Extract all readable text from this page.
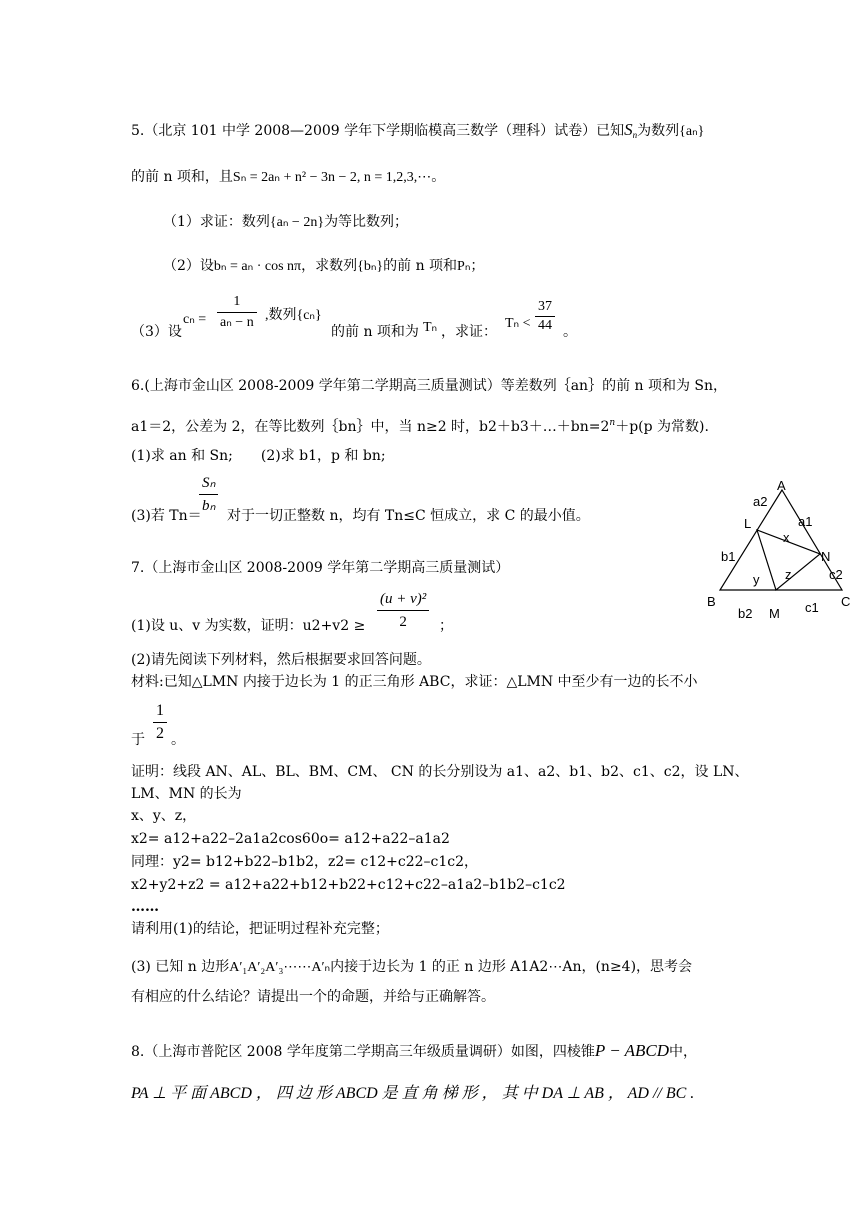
5.（北京 101 中学 2008—2009 学年下学期临模高三数学（理科）试卷）已知$S_n$为数列{aₙ}
的前 n 项和，且Sₙ = 2aₙ + n² − 3n − 2, n = 1,2,3,⋯。
（1）求证：数列{aₙ − 2n}为等比数列；
（2）设bₙ = aₙ · cos nπ，求数列{bₙ}的前 n 项和Pₙ；
（3）设
$c_n = \frac{1}{\text{aₙ − n}}$ ,数列{cₙ}
的前 n 项和为 Tₙ ，求证：
$T_n < \frac{37}{44}$ 。
6.(上海市金山区 2008-2009 学年第二学期高三质量测试）等差数列｛an｝的前 n 项和为 Sn，
a1＝2，公差为 2，在等比数列｛bn｝中，当 n≥2 时，$b2+b3+\dots+bn=2^n+p(p$ 为常数).
(1)求 an 和 Sn;　　(2)求 b1，p 和 bn;
(3)若 Tn＝
$\frac{\text{Sₙ}}{\text{bₙ}}$ 对于一切正整数 n，均有 Tn≤C 恒成立，求 C 的最小值。
A
a2
a1
L
x
b1	N
z	c2
y
B	C
c1
b2 M
7.（上海市金山区 2008-2009 学年第二学期高三质量测试）
(1)设 u、v 为实数，证明：$u2+v2 \ge \frac{\text{(u + v)²}}{2}$ ；
(2)请先阅读下列材料，然后根据要求回答问题。
材料:已知△LMN 内接于边长为 1 的正三角形 ABC，求证：△LMN 中至少有一边的长不小
于 $\frac{1}{2}$ 。
证明：线段 AN、AL、BL、BM、CM、 CN 的长分别设为 a1、a2、b1、b2、c1、c2，设 LN、
LM、MN 的长为
x、y、z，
x2= a12+a22–2a1a2cos60o= a12+a22–a1a2
同理：y2= b12+b22–b1b2，z2= c12+c22–c1c2，
x2+y2+z2 = a12+a22+b12+b22+c12+c22–a1a2–b1b2–c1c2
……
请利用(1)的结论，把证明过程补充完整；
(3) 已知 n 边形A′₁A′₂A′₃⋯⋯A′ₙ内接于边长为 1 的正 n 边形 A1A2⋯An，(n≥4)，思考会
有相应的什么结论？请提出一个的命题，并给与正确解答。
8.（上海市普陀区 2008 学年度第二学期高三年级质量调研）如图，四棱锥P − ABCD中，
PA ⊥ 平 面 ABCD ， 四 边 形 ABCD 是 直 角 梯 形 ， 其 中 DA ⊥ AB ， AD // BC .
